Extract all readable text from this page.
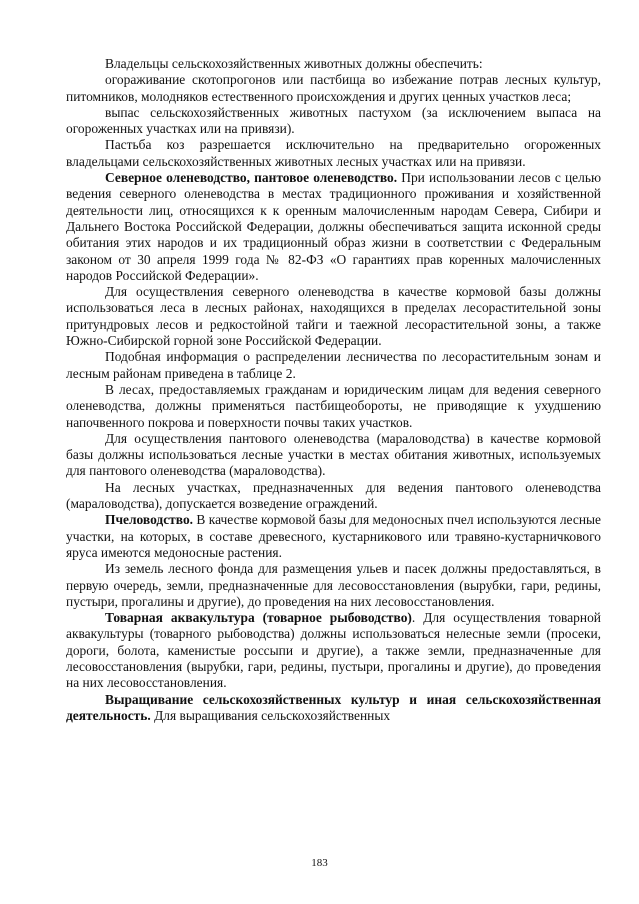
Владельцы сельскохозяйственных животных должны обеспечить:

огораживание скотопрогонов или пастбища во избежание потрав лесных культур, питомников, молодняков естественного происхождения и других ценных участков леса;

выпас сельскохозяйственных животных пастухом (за исключением выпаса на огороженных участках или на привязи).

Пастьба коз разрешается исключительно на предварительно огороженных владельцами сельскохозяйственных животных лесных участках или на привязи.

Северное оленеводство, пантовое оленеводство. При использовании лесов с целью ведения северного оленеводства в местах традиционного проживания и хозяйственной деятельности лиц, относящихся к к оренным малочисленным народам Севера, Сибири и Дальнего Востока Российской Федерации, должны обеспечиваться защита исконной среды обитания этих народов и их традиционный образ жизни в соответствии с Федеральным законом от 30 апреля 1999 года № 82-ФЗ «О гарантиях прав коренных малочисленных народов Российской Федерации».

Для осуществления северного оленеводства в качестве кормовой базы должны использоваться леса в лесных районах, находящихся в пределах лесорастительной зоны притундровых лесов и редкостойной тайги и таежной лесорастительной зоны, а также Южно-Сибирской горной зоне Российской Федерации.

Подобная информация о распределении лесничества по лесорастительным зонам и лесным районам приведена в таблице 2.

В лесах, предоставляемых гражданам и юридическим лицам для ведения северного оленеводства, должны применяться пастбищеобороты, не приводящие к ухудшению напочвенного покрова и поверхности почвы таких участков.

Для осуществления пантового оленеводства (мараловодства) в качестве кормовой базы должны использоваться лесные участки в местах обитания животных, используемых для пантового оленеводства (мараловодства).

На лесных участках, предназначенных для ведения пантового оленеводства (мараловодства), допускается возведение ограждений.

Пчеловодство. В качестве кормовой базы для медоносных пчел используются лесные участки, на которых, в составе древесного, кустарникового или травяно-кустарничкового яруса имеются медоносные растения.

Из земель лесного фонда для размещения ульев и пасек должны предоставляться, в первую очередь, земли, предназначенные для лесовосстановления (вырубки, гари, редины, пустыри, прогалины и другие), до проведения на них лесовосстановления.

Товарная аквакультура (товарное рыбоводство). Для осуществления товарной аквакультуры (товарного рыбоводства) должны использоваться нелесные земли (просеки, дороги, болота, каменистые россыпи и другие), а также земли, предназначенные для лесовосстановления (вырубки, гари, редины, пустыри, прогалины и другие), до проведения на них лесовосстановления.

Выращивание сельскохозяйственных культур и иная сельскохозяйственная деятельность. Для выращивания сельскохозяйственных

183
